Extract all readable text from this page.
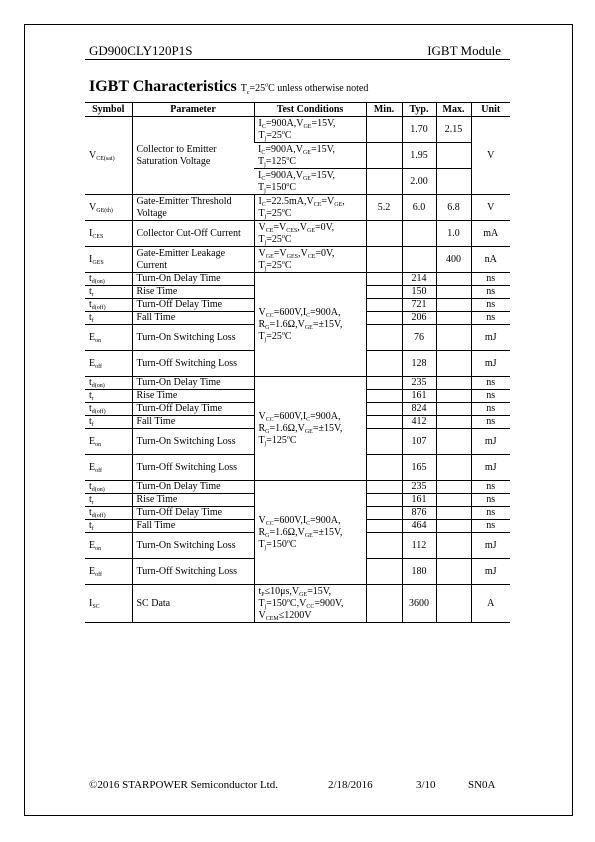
GD900CLY120P1S	IGBT Module
IGBT Characteristics $T_c=25^oC$ unless otherwise noted
Symbol	Parameter	Test Conditions	Min.	Typ.	Max.	Unit
$V_{CE(sat)}$	Collector to Emitter Saturation Voltage	$I_C=900A,V_{GE}=15V$,
$T_j=25^oC$		1.70	2.15	V
		$I_C=900A,V_{GE}=15V$,
$T_j=125^oC$		1.95		
		$I_C=900A,V_{GE}=15V$,
$T_j=150^oC$		2.00		
$V_{GE(th)}$	Gate-Emitter Threshold Voltage	$I_C=22.5mA,V_{CE}=V_{GE}$,
$T_j=25^oC$	5.2	6.0	6.8	V
$I_{CES}$	Collector Cut-Off Current	$V_{CE}=V_{CES},V_{GE}=0V$,
$T_j=25^oC$			1.0	mA
$I_{GES}$	Gate-Emitter Leakage Current	$V_{GE}=V_{GES},V_{CE}=0V$,
$T_j=25^oC$			400	nA
$t_{d(on)}$	Turn-On Delay Time	$V_{CC}=600V,I_C=900A$,
$R_G=1.6\Omega,V_{GE}=\pm 15V$,
$T_j=25^oC$		214		ns
$t_r$	Rise Time			150		ns
$t_{d(off)}$	Turn-Off Delay Time			721		ns
$t_f$	Fall Time			206		ns
$E_{on}$	Turn-On Switching Loss			76		mJ
$E_{off}$	Turn-Off Switching Loss			128		mJ
$t_{d(on)}$	Turn-On Delay Time	$V_{CC}=600V,I_C=900A$,
$R_G=1.6\Omega,V_{GE}=\pm 15V$,
$T_j=125^oC$		235		ns
$t_r$	Rise Time			161		ns
$t_{d(off)}$	Turn-Off Delay Time			824		ns
$t_f$	Fall Time			412		ns
$E_{on}$	Turn-On Switching Loss			107		mJ
$E_{off}$	Turn-Off Switching Loss			165		mJ
$t_{d(on)}$	Turn-On Delay Time	$V_{CC}=600V,I_C=900A$,
$R_G=1.6\Omega,V_{GE}=\pm 15V$,
$T_j=150^oC$		235		ns
$t_r$	Rise Time			161		ns
$t_{d(off)}$	Turn-Off Delay Time			876		ns
$t_f$	Fall Time			464		ns
$E_{on}$	Turn-On Switching Loss			112		mJ
$E_{off}$	Turn-Off Switching Loss			180		mJ
$I_{SC}$	SC Data	$t_P\le 10\mu s,V_{GE}=15V$,
$T_j=150^oC,V_{CC}=900V$,
$V_{CEM}\le 1200V$		3600		A
©2016 STARPOWER Semiconductor Ltd.	2/18/2016	3/10	SN0A
